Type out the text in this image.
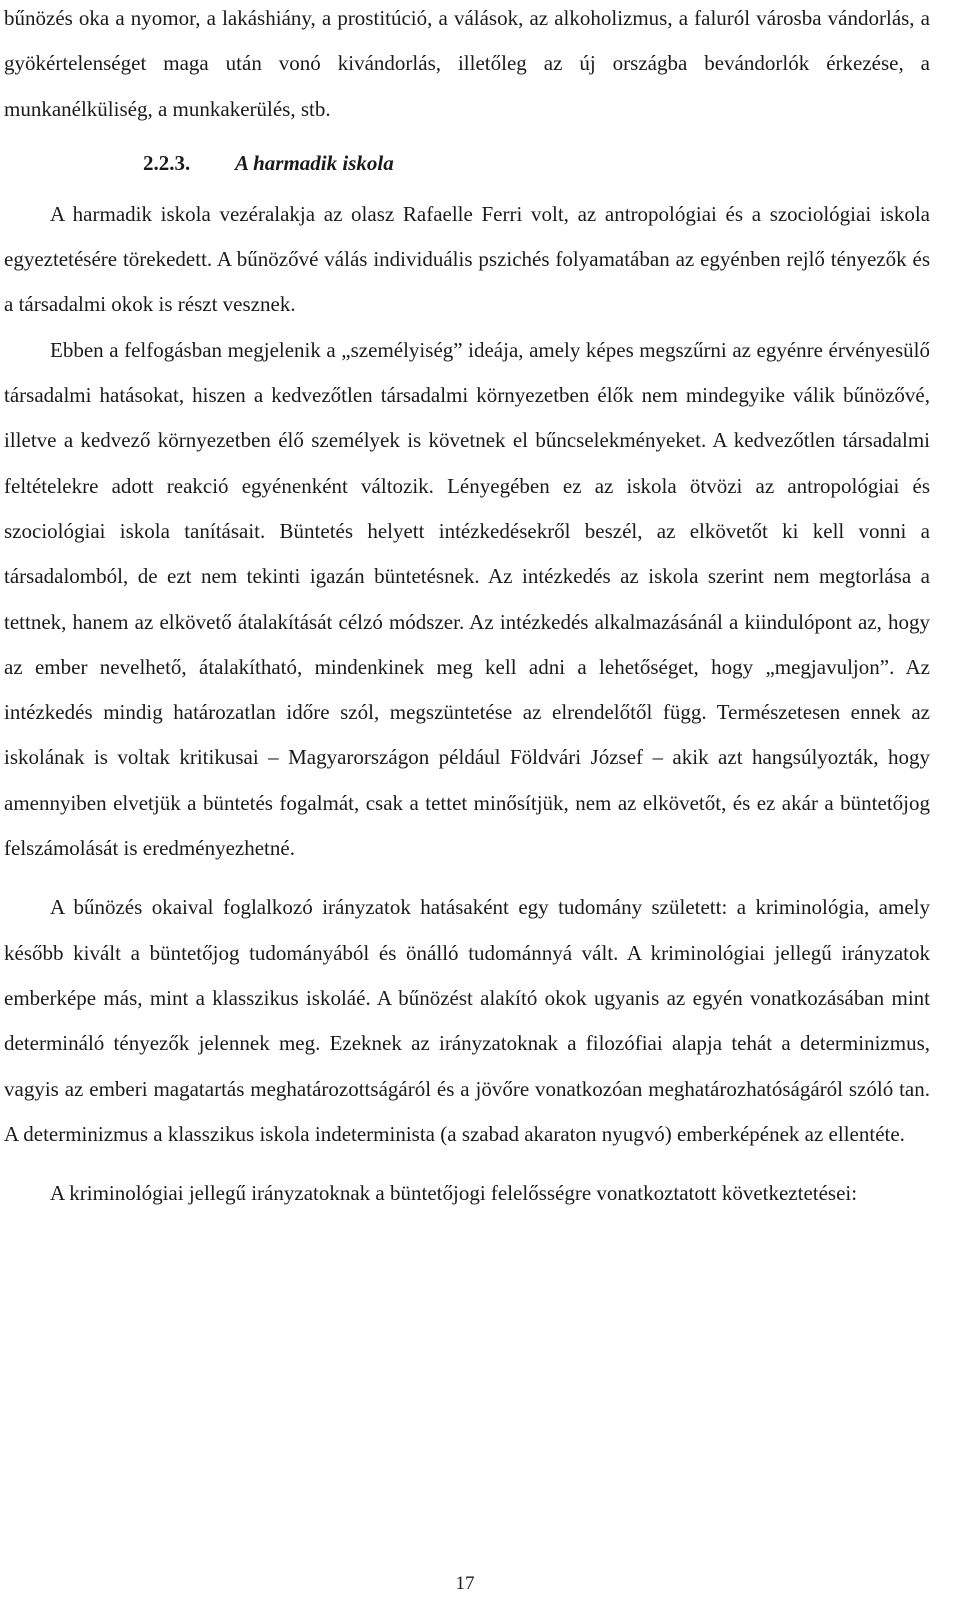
bűnözés oka a nyomor, a lakáshiány, a prostitúció, a válások, az alkoholizmus, a faluról városba vándorlás, a gyökértelenséget maga után vonó kivándorlás, illetőleg az új országba bevándorlók érkezése, a munkanélküliség, a munkakerülés, stb.

2.2.3. A harmadik iskola

A harmadik iskola vezéralakja az olasz Rafaelle Ferri volt, az antropológiai és a szociológiai iskola egyeztetésére törekedett. A bűnözővé válás individuális pszichés folyamatában az egyénben rejlő tényezők és a társadalmi okok is részt vesznek.

Ebben a felfogásban megjelenik a „személyiség” ideája, amely képes megszűrni az egyénre érvényesülő társadalmi hatásokat, hiszen a kedvezőtlen társadalmi környezetben élők nem mindegyike válik bűnözővé, illetve a kedvező környezetben élő személyek is követnek el bűncselekményeket. A kedvezőtlen társadalmi feltételekre adott reakció egyénenként változik. Lényegében ez az iskola ötvözi az antropológiai és szociológiai iskola tanításait. Büntetés helyett intézkedésekről beszél, az elkövetőt ki kell vonni a társadalomból, de ezt nem tekinti igazán büntetésnek. Az intézkedés az iskola szerint nem megtorlása a tettnek, hanem az elkövető átalakítását célzó módszer. Az intézkedés alkalmazásánál a kiindulópont az, hogy az ember nevelhető, átalakítható, mindenkinek meg kell adni a lehetőséget, hogy „megjavuljon”. Az intézkedés mindig határozatlan időre szól, megszüntetése az elrendelőtől függ. Természetesen ennek az iskolának is voltak kritikusai – Magyarországon például Földvári József – akik azt hangsúlyozták, hogy amennyiben elvetjük a büntetés fogalmát, csak a tettet minősítjük, nem az elkövetőt, és ez akár a büntetőjog felszámolását is eredményezhetné.

A bűnözés okaival foglalkozó irányzatok hatásaként egy tudomány született: a kriminológia, amely később kivált a büntetőjog tudományából és önálló tudománnyá vált. A kriminológiai jellegű irányzatok emberképe más, mint a klasszikus iskoláé. A bűnözést alakító okok ugyanis az egyén vonatkozásában mint determináló tényezők jelennek meg. Ezeknek az irányzatoknak a filozófiai alapja tehát a determinizmus, vagyis az emberi magatartás meghatározottságáról és a jövőre vonatkozóan meghatározhatóságáról szóló tan. A determinizmus a klasszikus iskola indeterminista (a szabad akaraton nyugvó) emberképének az ellentéte.

A kriminológiai jellegű irányzatoknak a büntetőjogi felelősségre vonatkoztatott következtetései:

17
